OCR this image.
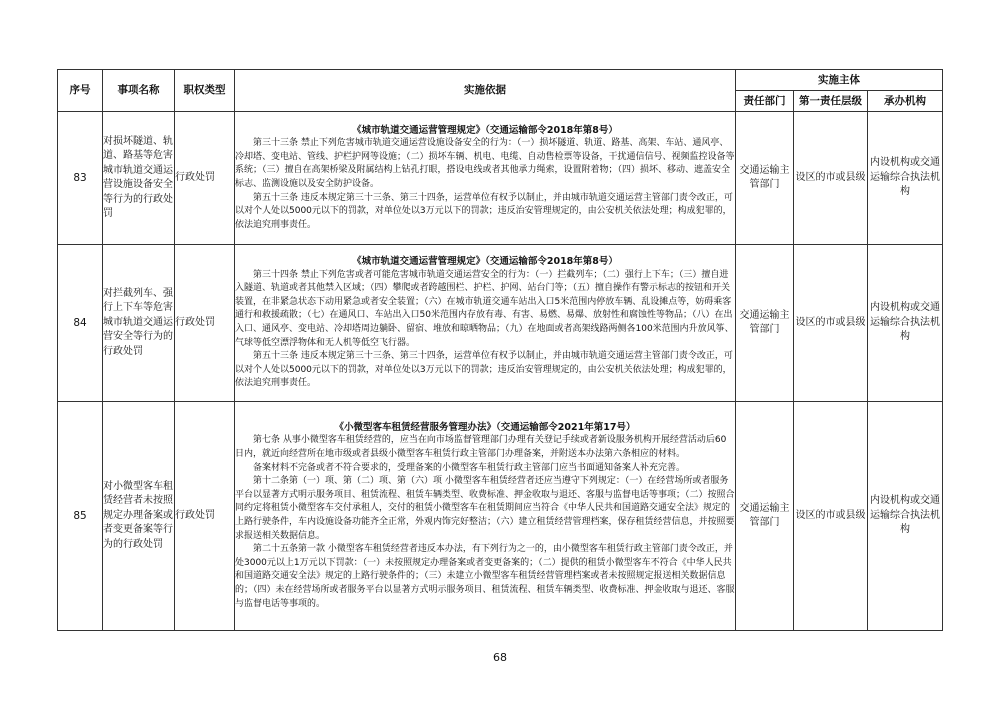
序号	事项名称	职权类型	实施依据	实施主体		
				责任部门	第一责任层级	承办机构
83	对损坏隧道、轨道、路基等危害城市轨道交通运营设施设备安全等行为的行政处罚	行政处罚	《城市轨道交通运营管理规定》（交通运输部令2018年第8号）

第三十三条 禁止下列危害城市轨道交通运营设施设备安全的行为：（一）损坏隧道、轨道、路基、高架、车站、通风亭、冷却塔、变电站、管线、护栏护网等设施；（二）损坏车辆、机电、电缆、自动售检票等设备，干扰通信信号、视频监控设备等系统；（三）擅自在高架桥梁及附属结构上钻孔打眼，搭设电线或者其他承力绳索，设置附着物；（四）损坏、移动、遮盖安全标志、监测设施以及安全防护设备。

第五十三条 违反本规定第三十三条、第三十四条，运营单位有权予以制止，并由城市轨道交通运营主管部门责令改正，可以对个人处以5000元以下的罚款，对单位处以3万元以下的罚款；违反治安管理规定的，由公安机关依法处理；构成犯罪的，依法追究刑事责任。	交通运输主管部门	设区的市或县级	内设机构或交通运输综合执法机构
84	对拦截列车、强行上下车等危害城市轨道交通运营安全等行为的行政处罚	行政处罚	《城市轨道交通运营管理规定》（交通运输部令2018年第8号）

第三十四条 禁止下列危害或者可能危害城市轨道交通运营安全的行为：（一）拦截列车；（二）强行上下车；（三）擅自进入隧道、轨道或者其他禁入区域；（四）攀爬或者跨越围栏、护栏、护网、站台门等；（五）擅自操作有警示标志的按钮和开关装置，在非紧急状态下动用紧急或者安全装置；（六）在城市轨道交通车站出入口5米范围内停放车辆、乱设摊点等，妨碍乘客通行和救援疏散；（七）在通风口、车站出入口50米范围内存放有毒、有害、易燃、易爆、放射性和腐蚀性等物品；（八）在出入口、通风亭、变电站、冷却塔周边躺卧、留宿、堆放和晾晒物品；（九）在地面或者高架线路两侧各100米范围内升放风筝、气球等低空漂浮物体和无人机等低空飞行器。

第五十三条 违反本规定第三十三条、第三十四条，运营单位有权予以制止，并由城市轨道交通运营主管部门责令改正，可以对个人处以5000元以下的罚款，对单位处以3万元以下的罚款；违反治安管理规定的，由公安机关依法处理；构成犯罪的，依法追究刑事责任。	交通运输主管部门	设区的市或县级	内设机构或交通运输综合执法机构
85	对小微型客车租赁经营者未按照规定办理备案或者变更备案等行为的行政处罚	行政处罚	《小微型客车租赁经营服务管理办法》（交通运输部令2021年第17号）

第七条 从事小微型客车租赁经营的，应当在向市场监督管理部门办理有关登记手续或者新设服务机构开展经营活动后60日内，就近向经营所在地市级或者县级小微型客车租赁行政主管部门办理备案，并附送本办法第六条相应的材料。

备案材料不完备或者不符合要求的，受理备案的小微型客车租赁行政主管部门应当书面通知备案人补充完善。

第十二条第（一）项、第（二）项、第（六）项 小微型客车租赁经营者还应当遵守下列规定：（一）在经营场所或者服务平台以显著方式明示服务项目、租赁流程、租赁车辆类型、收费标准、押金收取与退还、客服与监督电话等事项；（二）按照合同约定将租赁小微型客车交付承租人，交付的租赁小微型客车在租赁期间应当符合《中华人民共和国道路交通安全法》规定的上路行驶条件，车内设施设备功能齐全正常，外观内饰完好整洁；（六）建立租赁经营管理档案，保存租赁经营信息，并按照要求报送相关数据信息。

第二十五条第一款 小微型客车租赁经营者违反本办法，有下列行为之一的，由小微型客车租赁行政主管部门责令改正，并处3000元以上1万元以下罚款：（一）未按照规定办理备案或者变更备案的；（二）提供的租赁小微型客车不符合《中华人民共和国道路交通安全法》规定的上路行驶条件的；（三）未建立小微型客车租赁经营管理档案或者未按照规定报送相关数据信息的；（四）未在经营场所或者服务平台以显著方式明示服务项目、租赁流程、租赁车辆类型、收费标准、押金收取与退还、客服与监督电话等事项的。	交通运输主管部门	设区的市或县级	内设机构或交通运输综合执法机构
68
